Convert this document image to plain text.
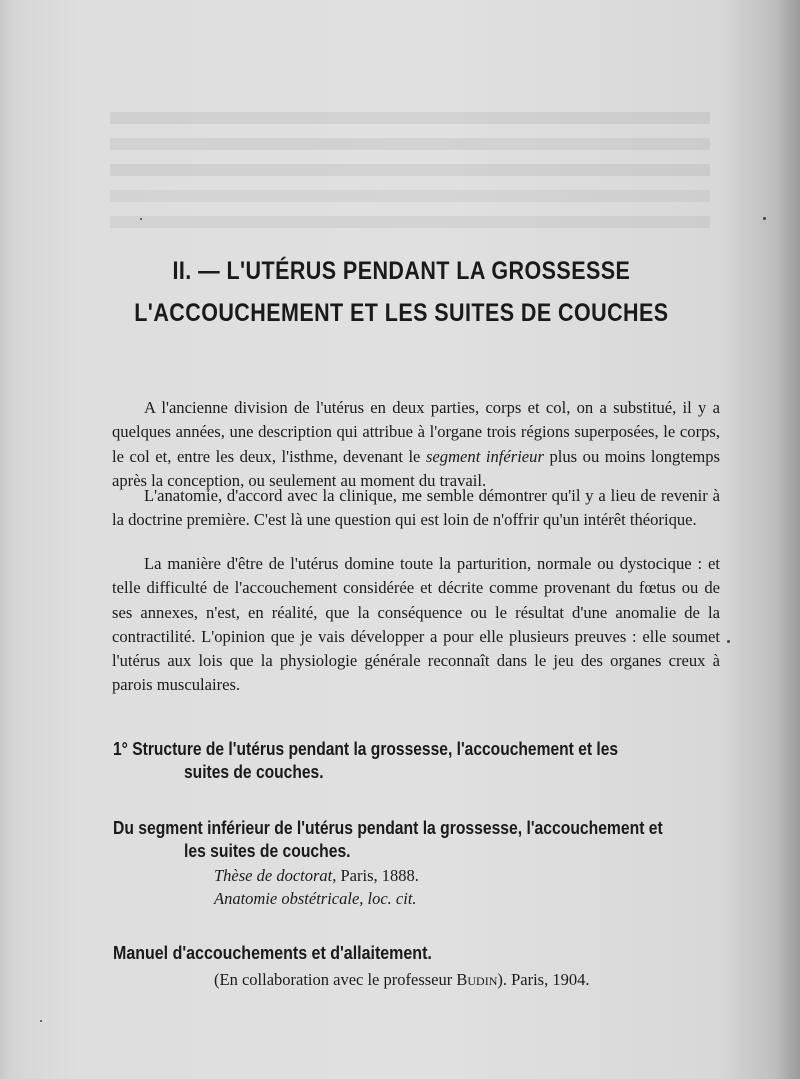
II. — L'UTÉRUS PENDANT LA GROSSESSE
L'ACCOUCHEMENT ET LES SUITES DE COUCHES

A l'ancienne division de l'utérus en deux parties, corps et col, on a substitué, il y a quelques années, une description qui attribue à l'organe trois régions superposées, le corps, le col et, entre les deux, l'isthme, devenant le segment inférieur plus ou moins longtemps après la conception, ou seulement au moment du travail.

L'anatomie, d'accord avec la clinique, me semble démontrer qu'il y a lieu de revenir à la doctrine première. C'est là une question qui est loin de n'offrir qu'un intérêt théorique.

La manière d'être de l'utérus domine toute la parturition, normale ou dystocique : et telle difficulté de l'accouchement considérée et décrite comme provenant du fœtus ou de ses annexes, n'est, en réalité, que la conséquence ou le résultat d'une anomalie de la contractilité. L'opinion que je vais développer a pour elle plusieurs preuves : elle soumet l'utérus aux lois que la physiologie générale reconnaît dans le jeu des organes creux à parois musculaires.

1° Structure de l'utérus pendant la grossesse, l'accouchement et les
suites de couches.
Du segment inférieur de l'utérus pendant la grossesse, l'accouchement et
les suites de couches.
Thèse de doctorat, Paris, 1888.
Anatomie obstétricale, loc. cit.
Manuel d'accouchements et d'allaitement.
(En collaboration avec le professeur Budin). Paris, 1904.
